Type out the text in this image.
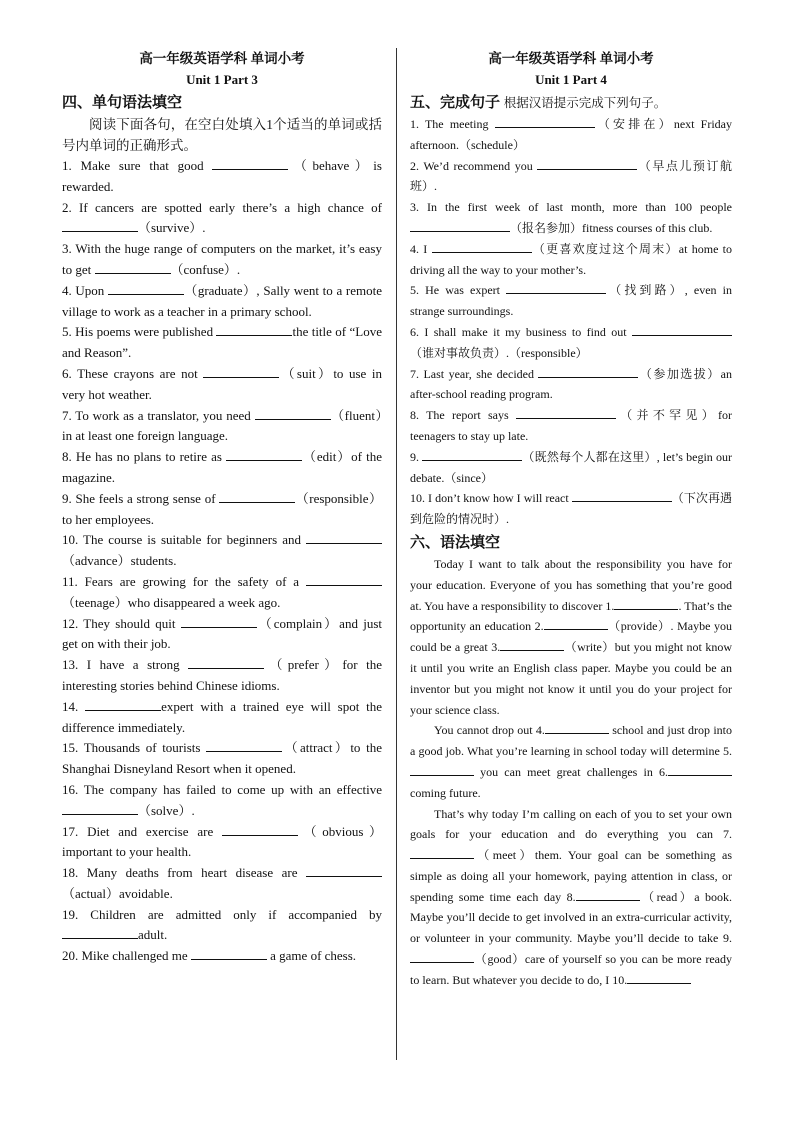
高一年级英语学科 单词小考
Unit 1 Part 3
四、单句语法填空
阅读下面各句，在空白处填入1个适当的单词或括号内单词的正确形式。
1. Make sure that good	（behave）is rewarded.
2. If cancers are spotted early there’s a high chance of （survive）.
3. With the huge range of computers on the market, it’s easy to get	（confuse）.
4. Upon	（graduate）, Sally went to a remote village to work as a teacher in a primary school.
5. His poems were published	the title of “Love and Reason”.
6. These crayons are not	（suit）to use in very hot weather.
7. To work as a translator, you need	（fluent）in at least one foreign language.
8. He has no plans to retire as	（edit）of the magazine.
9. She feels a strong sense of	（responsible）to her employees.
10. The course is suitable for beginners and （advance）students.
11. Fears are growing for the safety of a （teenage）who disappeared a week ago.
12. They should quit	（complain）and just get on with their job.
13. I have a strong	（prefer）for the interesting stories behind Chinese idioms.
14.	expert with a trained eye will spot the difference immediately.
15. Thousands of tourists	（attract）to the Shanghai Disneyland Resort when it opened.
16. The company has failed to come up with an effective （solve）.
17. Diet and exercise are	（obvious）important to your health.
18. Many deaths from heart disease are （actual）avoidable.
19. Children are admitted only if accompanied by adult.
20. Mike challenged me	a game of chess.
高一年级英语学科 单词小考
Unit 1 Part 4
五、完成句子 根据汉语提示完成下列句子。
1. The meeting	（安排在）next Friday afternoon.（schedule）
2. We’d recommend you	（早点儿预订航班）.
3. In the first week of last month, more than 100 people （报名参加）fitness courses of this club.
4. I	（更喜欢度过这个周末）at home to driving all the way to your mother’s.
5. He was expert	（找到路）, even in strange surroundings.
6. I shall make it my business to find out （谁对事故负责）.（responsible）
7. Last year, she decided	（参加选拔）an after-school reading program.
8. The report says	（并不罕见）for teenagers to stay up late.
9.	（既然每个人都在这里）, let’s begin our debate.（since）
10. I don’t know how I will react	（下次再遇到危险的情况时）.
六、语法填空
Today I want to talk about the responsibility you have for your education. Everyone of you has something that you’re good at. You have a responsibility to discover 1.	. That’s the opportunity an education 2.	（provide）. Maybe you could be a great 3.	（write）but you might not know it until you write an English class paper. Maybe you could be an inventor but you might not know it until you do your project for your science class.
You cannot drop out 4.	school and just drop into a good job. What you’re learning in school today will determine 5. you can meet great challenges in 6. coming future.
That’s why today I’m calling on each of you to set your own goals for your education and do everything you can 7.（meet）them. Your goal can be something as simple as doing all your homework, paying attention in class, or spending some time each day 8.	（read）a book. Maybe you’ll decide to get involved in an extra-curricular activity, or volunteer in your community. Maybe you’ll decide to take 9.（good）care of yourself so you can be more ready to learn. But whatever you decide to do, I 10.
